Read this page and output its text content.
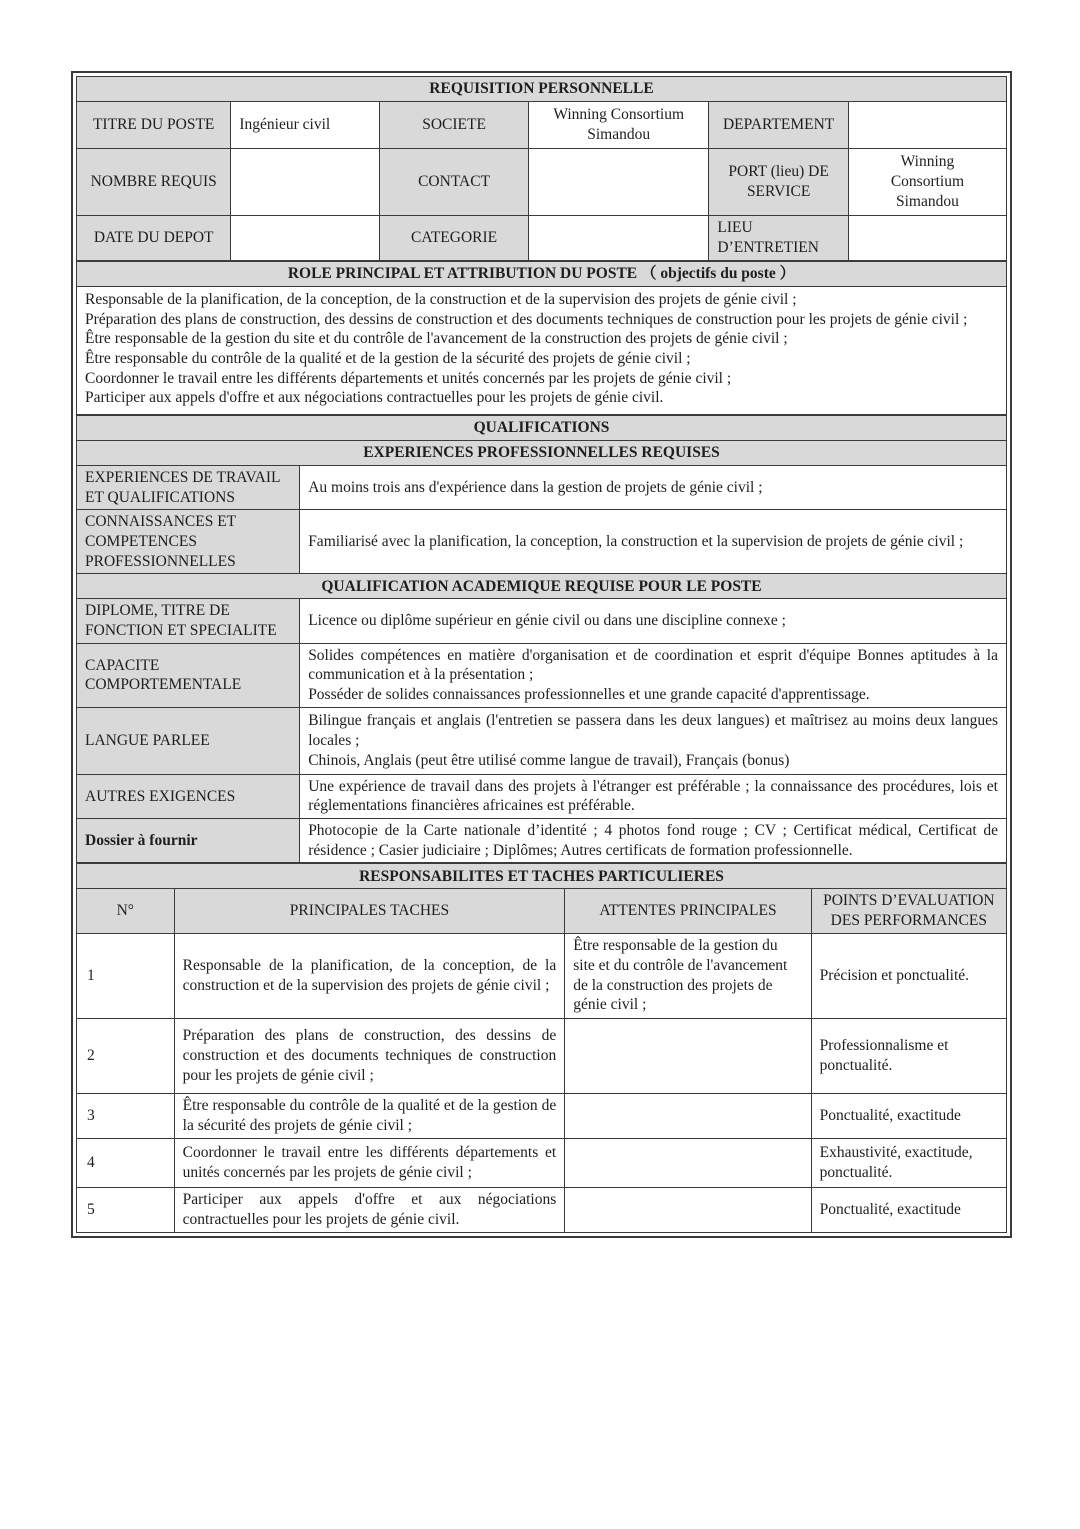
REQUISITION PERSONNELLE					
TITRE DU POSTE	Ingénieur civil	SOCIETE	Winning Consortium Simandou	DEPARTEMENT	
NOMBRE REQUIS		CONTACT		PORT (lieu) DE SERVICE	Winning Consortium Simandou

DATE DU DEPOT		CATEGORIE		LIEU D’ENTRETIEN	
ROLE PRINCIPAL ET ATTRIBUTION DU POSTE （ objectifs du poste ）

Responsable de la planification, de la conception, de la construction et de la supervision des projets de génie civil ;
Préparation des plans de construction, des dessins de construction et des documents techniques de construction pour les projets de génie civil ;
Être responsable de la gestion du site et du contrôle de l'avancement de la construction des projets de génie civil ;
Être responsable du contrôle de la qualité et de la gestion de la sécurité des projets de génie civil ;
Coordonner le travail entre les différents départements et unités concernés par les projets de génie civil ;
Participer aux appels d'offre et aux négociations contractuelles pour les projets de génie civil.
QUALIFICATIONS	
EXPERIENCES PROFESSIONNELLES REQUISES	
EXPERIENCES DE TRAVAIL ET QUALIFICATIONS	Au moins trois ans d'expérience dans la gestion de projets de génie civil ;
CONNAISSANCES ET COMPETENCES PROFESSIONNELLES	Familiarisé avec la planification, la conception, la construction et la supervision de projets de génie civil ;
QUALIFICATION ACADEMIQUE REQUISE POUR LE POSTE	
DIPLOME, TITRE DE FONCTION ET SPECIALITE	Licence ou diplôme supérieur en génie civil ou dans une discipline connexe ;

CAPACITE COMPORTEMENTALE	Solides compétences en matière d'organisation et de coordination et esprit d'équipe Bonnes aptitudes à la communication et à la présentation ;
Posséder de solides connaissances professionnelles et une grande capacité d'apprentissage.

LANGUE PARLEE	Bilingue français et anglais (l'entretien se passera dans les deux langues) et maîtrisez au moins deux langues locales ;
Chinois, Anglais (peut être utilisé comme langue de travail), Français (bonus)

AUTRES EXIGENCES	Une expérience de travail dans des projets à l'étranger est préférable ; la connaissance des procédures, lois et réglementations financières africaines est préférable.

Dossier à fournir	Photocopie de la Carte nationale d’identité ; 4 photos fond rouge ; CV ; Certificat médical, Certificat de résidence ; Casier judiciaire ; Diplômes; Autres certificats de formation professionnelle.
RESPONSABILITES ET TACHES PARTICULIERES			
N°	PRINCIPALES TACHES	ATTENTES PRINCIPALES	POINTS D’EVALUATION DES PERFORMANCES
1	Responsable de la planification, de la conception, de la construction et de la supervision des projets de génie civil ;	Être responsable de la gestion du site et du contrôle de l'avancement de la construction des projets de génie civil ;	Précision et ponctualité.
2	Préparation des plans de construction, des dessins de construction et des documents techniques de construction pour les projets de génie civil ;		Professionnalisme et ponctualité.
3	Être responsable du contrôle de la qualité et de la gestion de la sécurité des projets de génie civil ;		Ponctualité, exactitude
4	Coordonner le travail entre les différents départements et unités concernés par les projets de génie civil ;		Exhaustivité, exactitude, ponctualité.
5	Participer aux appels d'offre et aux négociations contractuelles pour les projets de génie civil.		Ponctualité, exactitude
